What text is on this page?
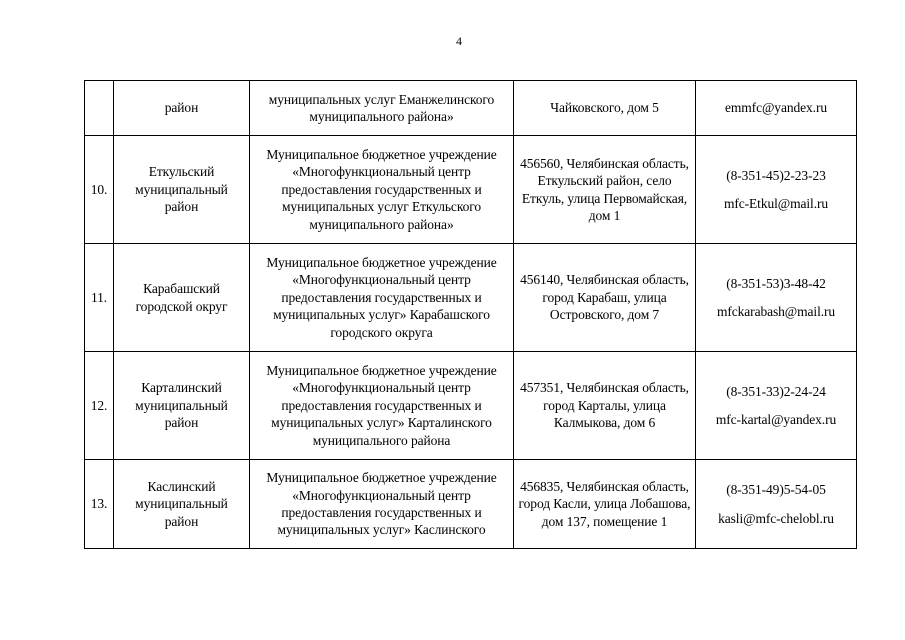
4
	район	муниципальных услуг Еманжелинского муниципального района»	Чайковского, дом 5	emmfc@yandex.ru

10.	Еткульский муниципальный район	Муниципальное бюджетное учреждение «Многофункциональный центр предоставления государственных и муниципальных услуг Еткульского муниципального района»	456560, Челябинская область, Еткульский район, село Еткуль, улица Первомайская, дом 1	(8-351-45)2-23-23
mfc-Etkul@mail.ru

11.	Карабашский городской округ	Муниципальное бюджетное учреждение «Многофункциональный центр предоставления государственных и муниципальных услуг» Карабашского городского округа	456140, Челябинская область, город Карабаш, улица Островского, дом 7	(8-351-53)3-48-42
mfckarabash@mail.ru

12.	Карталинский муниципальный район	Муниципальное бюджетное учреждение «Многофункциональный центр предоставления государственных и муниципальных услуг» Карталинского муниципального района	457351, Челябинская область, город Карталы, улица Калмыкова, дом 6	(8-351-33)2-24-24
mfc-kartal@yandex.ru

13.	Каслинский муниципальный район	Муниципальное бюджетное учреждение «Многофункциональный центр предоставления государственных и муниципальных услуг» Каслинского	456835, Челябинская область, город Касли, улица Лобашова, дом 137, помещение 1	(8-351-49)5-54-05
kasli@mfc-chelobl.ru
